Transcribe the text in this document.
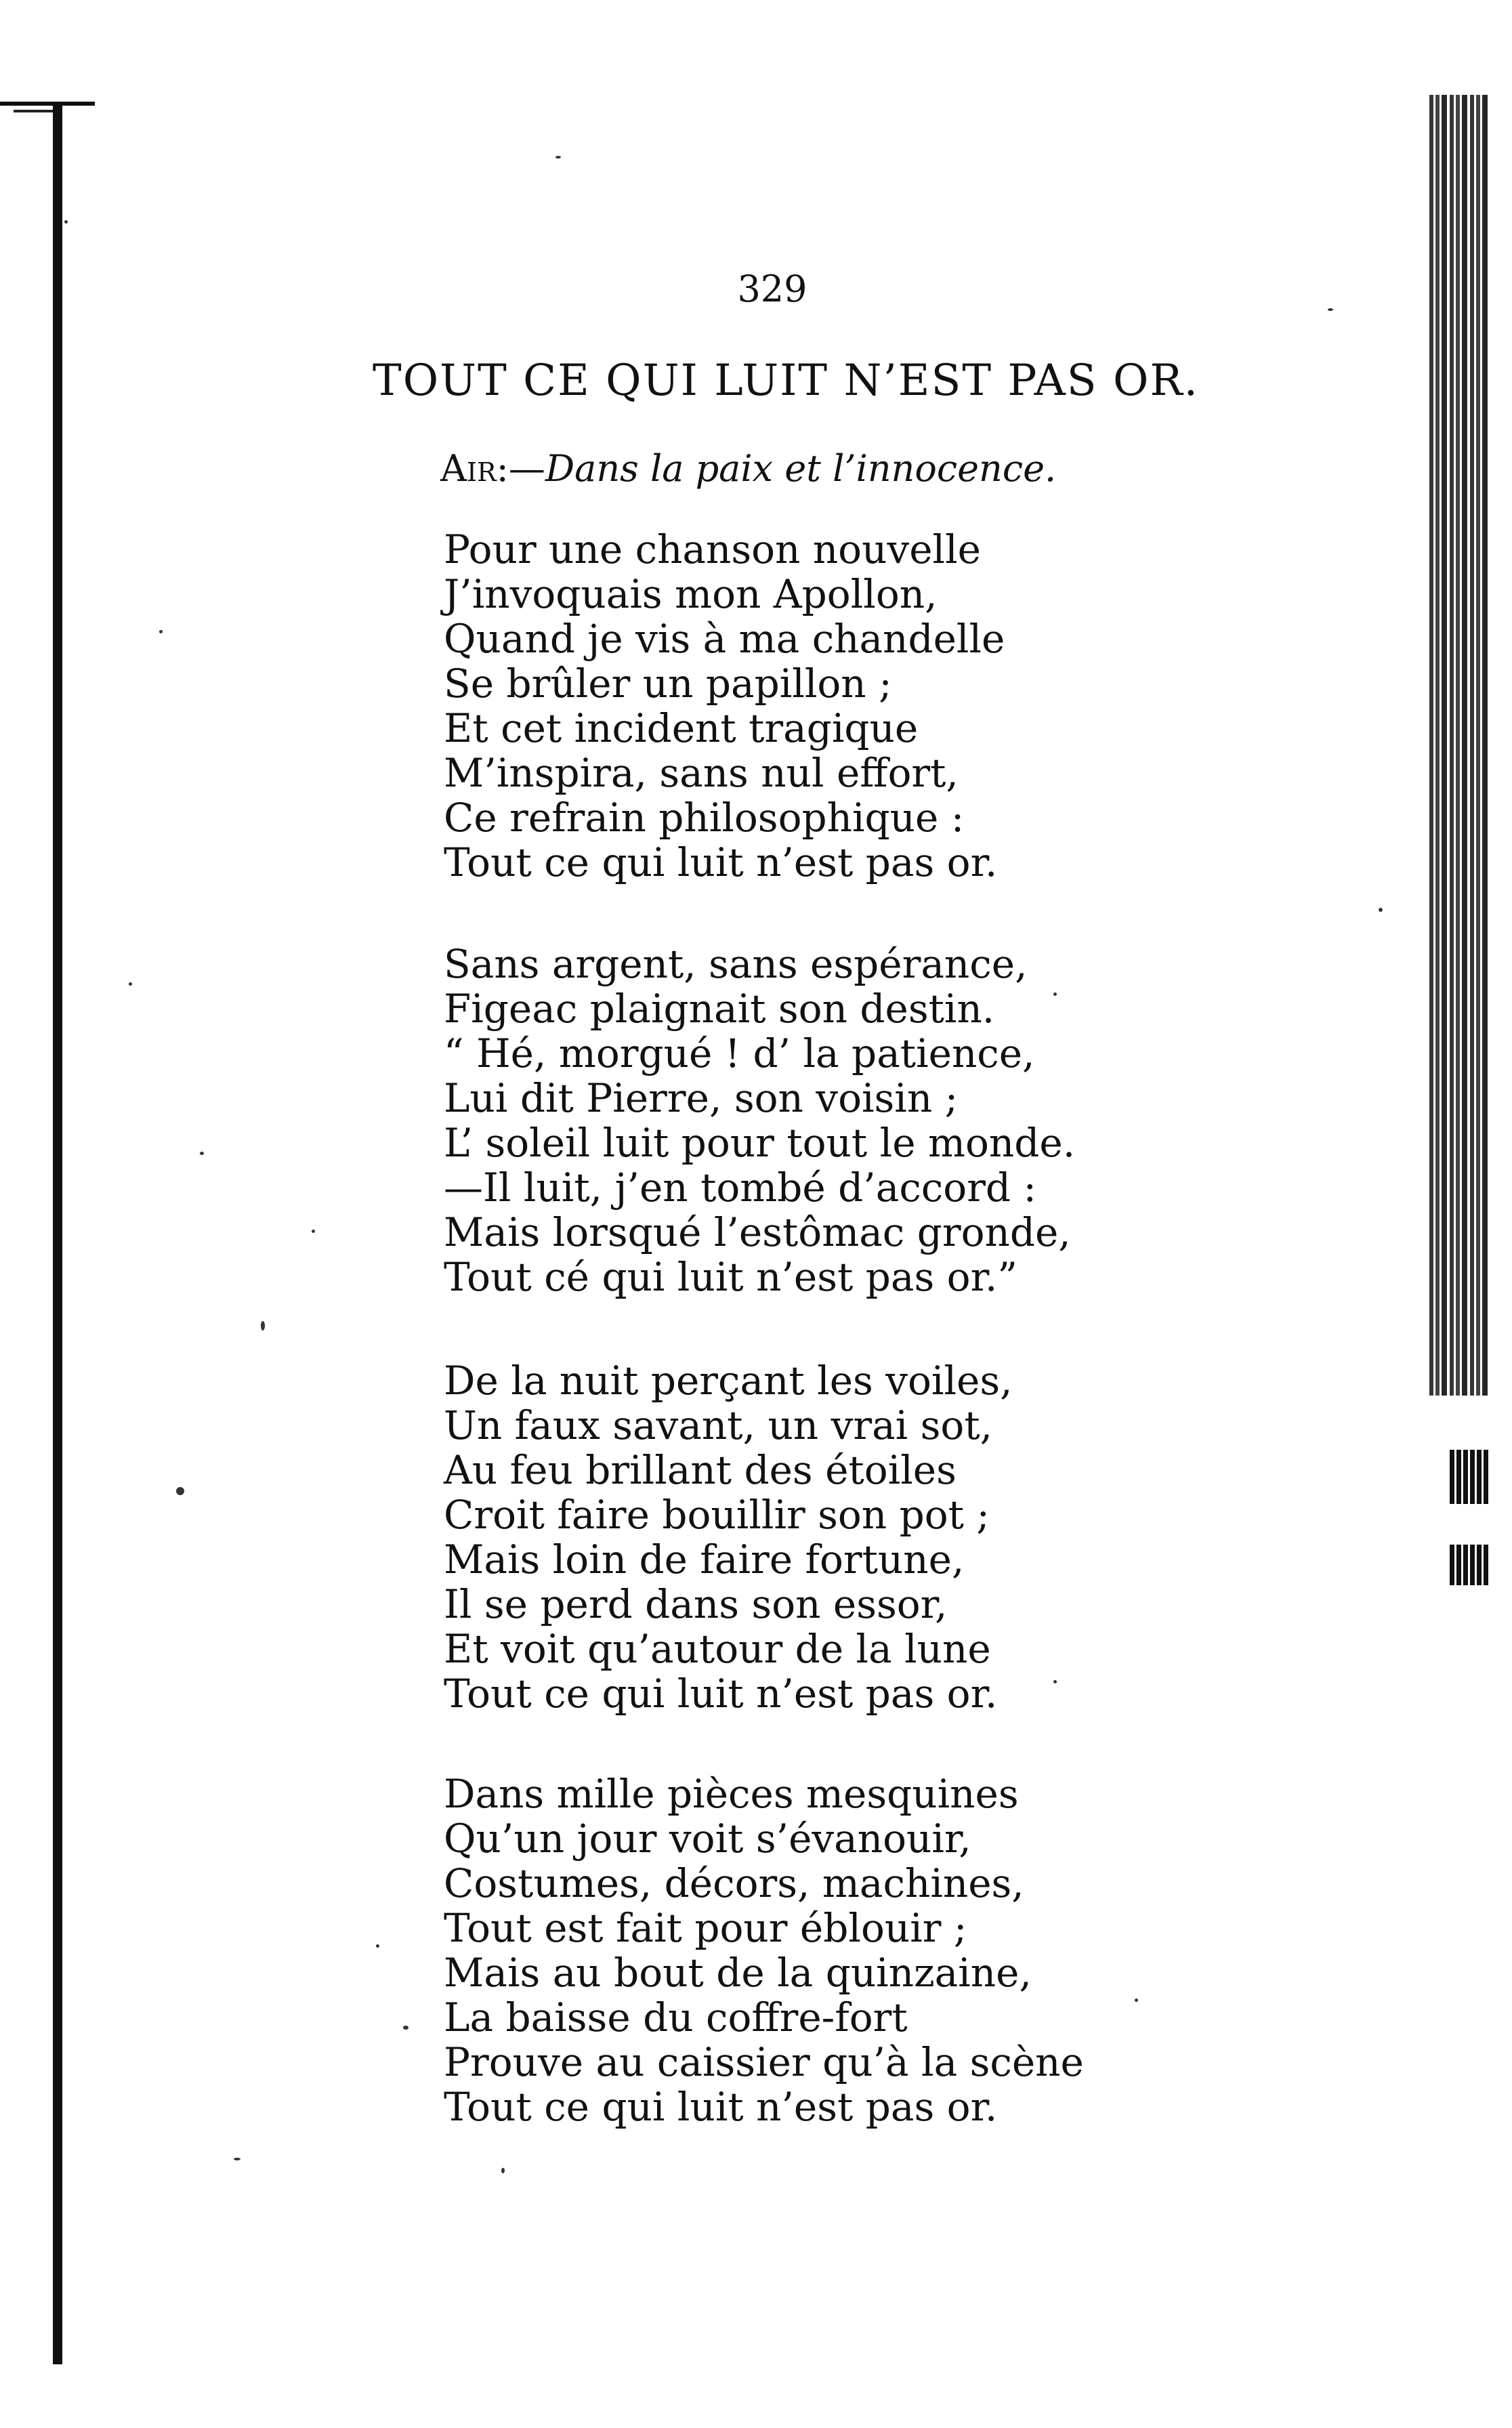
329
TOUT CE QUI LUIT N’EST PAS OR.
Air:—Dans la paix et l’innocence.
Pour une chanson nouvelle
J’invoquais mon Apollon,
Quand je vis à ma chandelle
Se brûler un papillon ;
Et cet incident tragique
M’inspira, sans nul effort,
Ce refrain philosophique :
Tout ce qui luit n’est pas or.
Sans argent, sans espérance,
Figeac plaignait son destin.
“ Hé, morgué ! d’ la patience,
Lui dit Pierre, son voisin ;
L’ soleil luit pour tout le monde.
—Il luit, j’en tombé d’accord :
Mais lorsqué l’estômac gronde,
Tout cé qui luit n’est pas or.”
De la nuit perçant les voiles,
Un faux savant, un vrai sot,
Au feu brillant des étoiles
Croit faire bouillir son pot ;
Mais loin de faire fortune,
Il se perd dans son essor,
Et voit qu’autour de la lune
Tout ce qui luit n’est pas or.
Dans mille pièces mesquines
Qu’un jour voit s’évanouir,
Costumes, décors, machines,
Tout est fait pour éblouir ;
Mais au bout de la quinzaine,
La baisse du coffre-fort
Prouve au caissier qu’à la scène
Tout ce qui luit n’est pas or.
